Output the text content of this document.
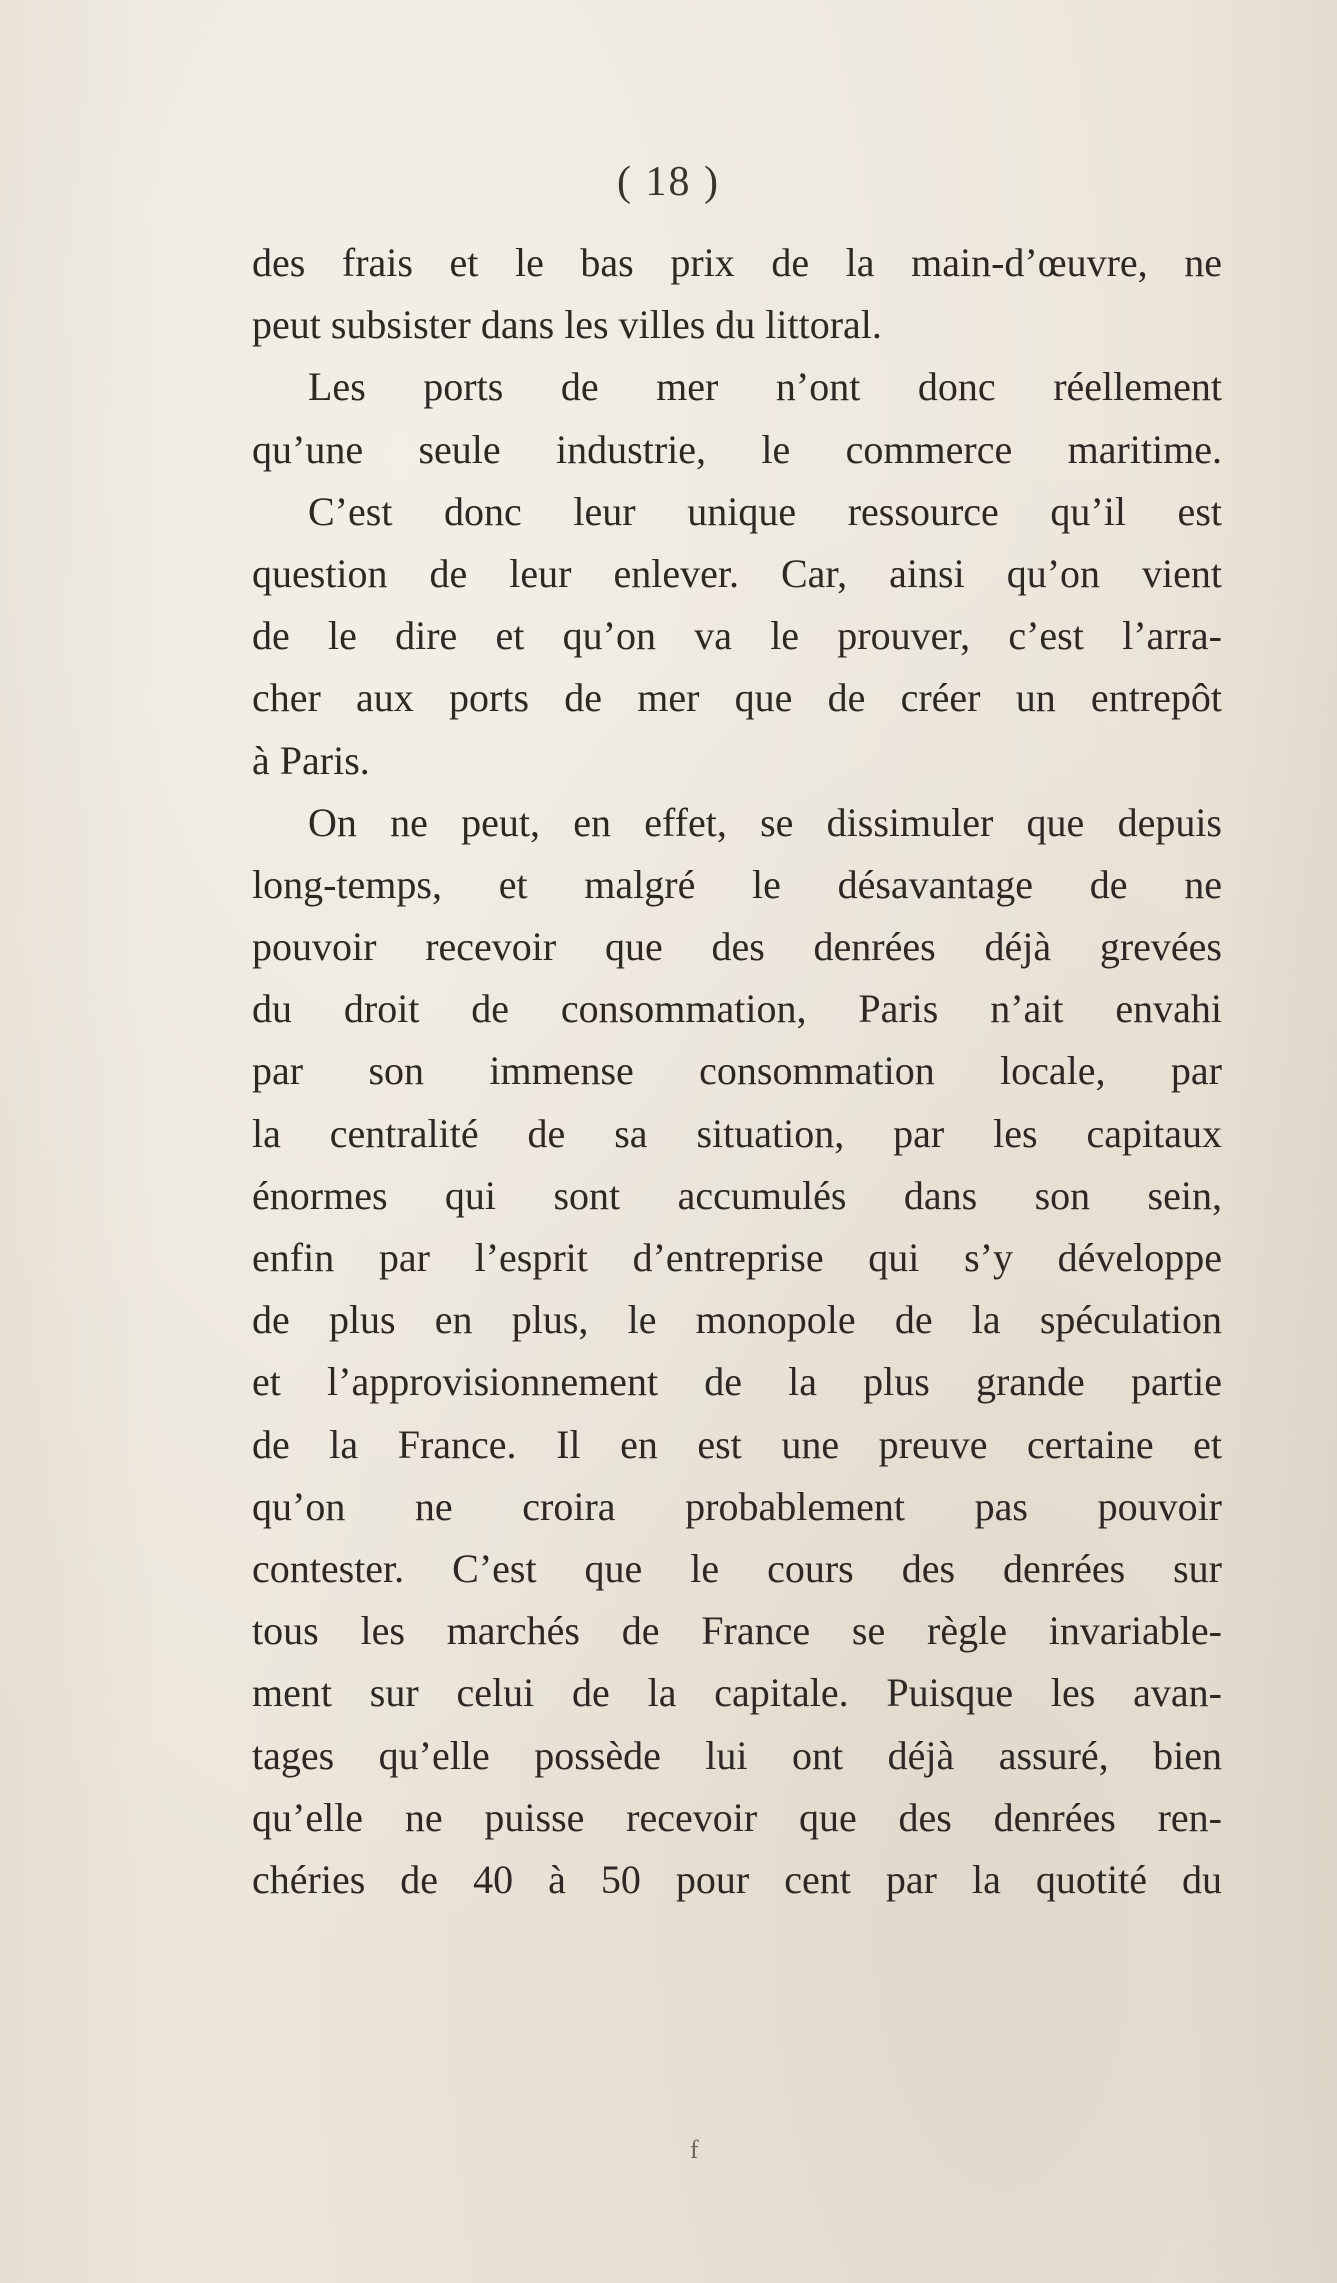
( 18 )
des frais et le bas prix de la main-d’œuvre, ne
peut subsister dans les villes du littoral.
Les ports de mer n’ont donc réellement
qu’une seule industrie, le commerce maritime.
C’est donc leur unique ressource qu’il est
question de leur enlever. Car, ainsi qu’on vient
de le dire et qu’on va le prouver, c’est l’arra-
cher aux ports de mer que de créer un entrepôt
à Paris.
On ne peut, en effet, se dissimuler que depuis
long-temps, et malgré le désavantage de ne
pouvoir recevoir que des denrées déjà grevées
du droit de consommation, Paris n’ait envahi
par son immense consommation locale, par
la centralité de sa situation, par les capitaux
énormes qui sont accumulés dans son sein,
enfin par l’esprit d’entreprise qui s’y développe
de plus en plus, le monopole de la spéculation
et l’approvisionnement de la plus grande partie
de la France. Il en est une preuve certaine et
qu’on ne croira probablement pas pouvoir
contester. C’est que le cours des denrées sur
tous les marchés de France se règle invariable-
ment sur celui de la capitale. Puisque les avan-
tages qu’elle possède lui ont déjà assuré, bien
qu’elle ne puisse recevoir que des denrées ren-
chéries de 40 à 50 pour cent par la quotité du
f
